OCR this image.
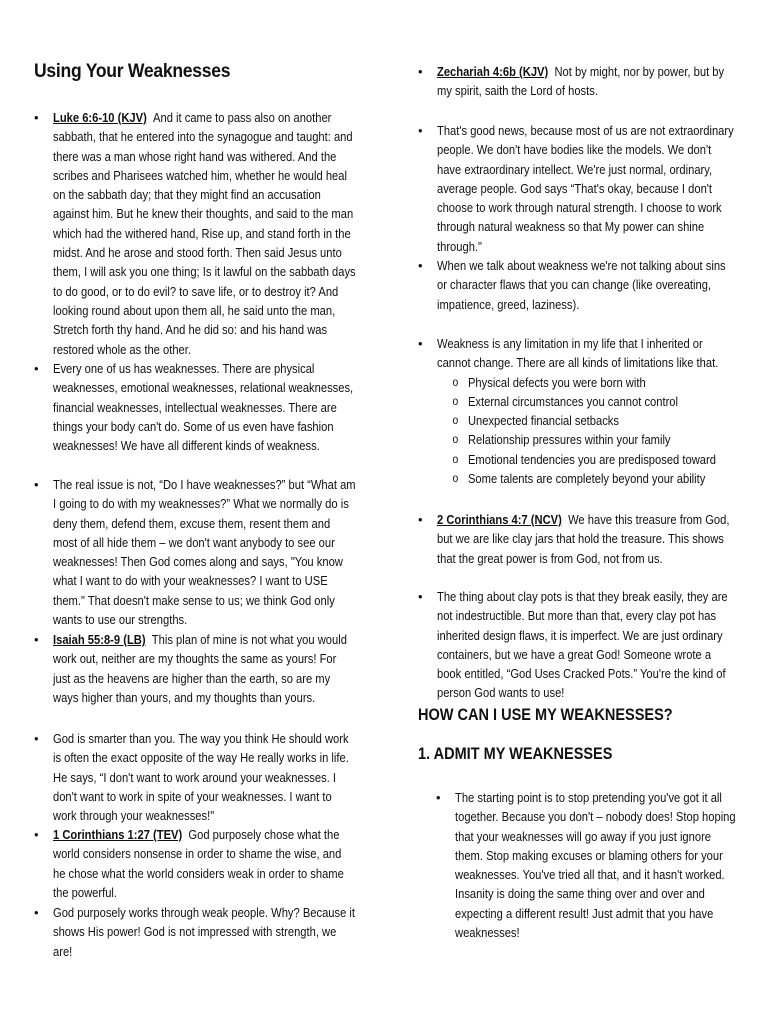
Using Your Weaknesses
• Luke 6:6-10 (KJV) And it came to pass also on another sabbath, that he entered into the synagogue and taught: and there was a man whose right hand was withered. And the scribes and Pharisees watched him, whether he would heal on the sabbath day; that they might find an accusation against him. But he knew their thoughts, and said to the man which had the withered hand, Rise up, and stand forth in the midst. And he arose and stood forth. Then said Jesus unto them, I will ask you one thing; Is it lawful on the sabbath days to do good, or to do evil? to save life, or to destroy it? And looking round about upon them all, he said unto the man, Stretch forth thy hand. And he did so: and his hand was restored whole as the other.
• Every one of us has weaknesses. There are physical weaknesses, emotional weaknesses, relational weaknesses, financial weaknesses, intellectual weaknesses. There are things your body can't do. Some of us even have fashion weaknesses! We have all different kinds of weakness.
• The real issue is not, “Do I have weaknesses?” but “What am I going to do with my weaknesses?” What we normally do is deny them, defend them, excuse them, resent them and most of all hide them – we don't want anybody to see our weaknesses! Then God comes along and says, "You know what I want to do with your weaknesses? I want to USE them." That doesn't make sense to us; we think God only wants to use our strengths.
• Isaiah 55:8-9 (LB) This plan of mine is not what you would work out, neither are my thoughts the same as yours! For just as the heavens are higher than the earth, so are my ways higher than yours, and my thoughts than yours.
• God is smarter than you. The way you think He should work is often the exact opposite of the way He really works in life. He says, “I don't want to work around your weaknesses. I don't want to work in spite of your weaknesses. I want to work through your weaknesses!"
• 1 Corinthians 1:27 (TEV) God purposely chose what the world considers nonsense in order to shame the wise, and he chose what the world considers weak in order to shame the powerful.
• God purposely works through weak people. Why? Because it shows His power! God is not impressed with strength, we are!
• Zechariah 4:6b (KJV) Not by might, nor by power, but by my spirit, saith the Lord of hosts.
• That's good news, because most of us are not extraordinary people. We don't have bodies like the models. We don't have extraordinary intellect. We're just normal, ordinary, average people. God says “That's okay, because I don't choose to work through natural strength. I choose to work through natural weakness so that My power can shine through."
• When we talk about weakness we're not talking about sins or character flaws that you can change (like overeating, impatience, greed, laziness).
• Weakness is any limitation in my life that I inherited or cannot change. There are all kinds of limitations like that.
o Physical defects you were born with
o External circumstances you cannot control
o Unexpected financial setbacks
o Relationship pressures within your family
o Emotional tendencies you are predisposed toward
o Some talents are completely beyond your ability
• 2 Corinthians 4:7 (NCV) We have this treasure from God, but we are like clay jars that hold the treasure. This shows that the great power is from God, not from us.
• The thing about clay pots is that they break easily, they are not indestructible. But more than that, every clay pot has inherited design flaws, it is imperfect. We are just ordinary containers, but we have a great God! Someone wrote a book entitled, “God Uses Cracked Pots.” You're the kind of person God wants to use!
HOW CAN I USE MY WEAKNESSES?
1. ADMIT MY WEAKNESSES
• The starting point is to stop pretending you've got it all together. Because you don't – nobody does! Stop hoping that your weaknesses will go away if you just ignore them. Stop making excuses or blaming others for your weaknesses. You've tried all that, and it hasn't worked. Insanity is doing the same thing over and over and expecting a different result! Just admit that you have weaknesses!
